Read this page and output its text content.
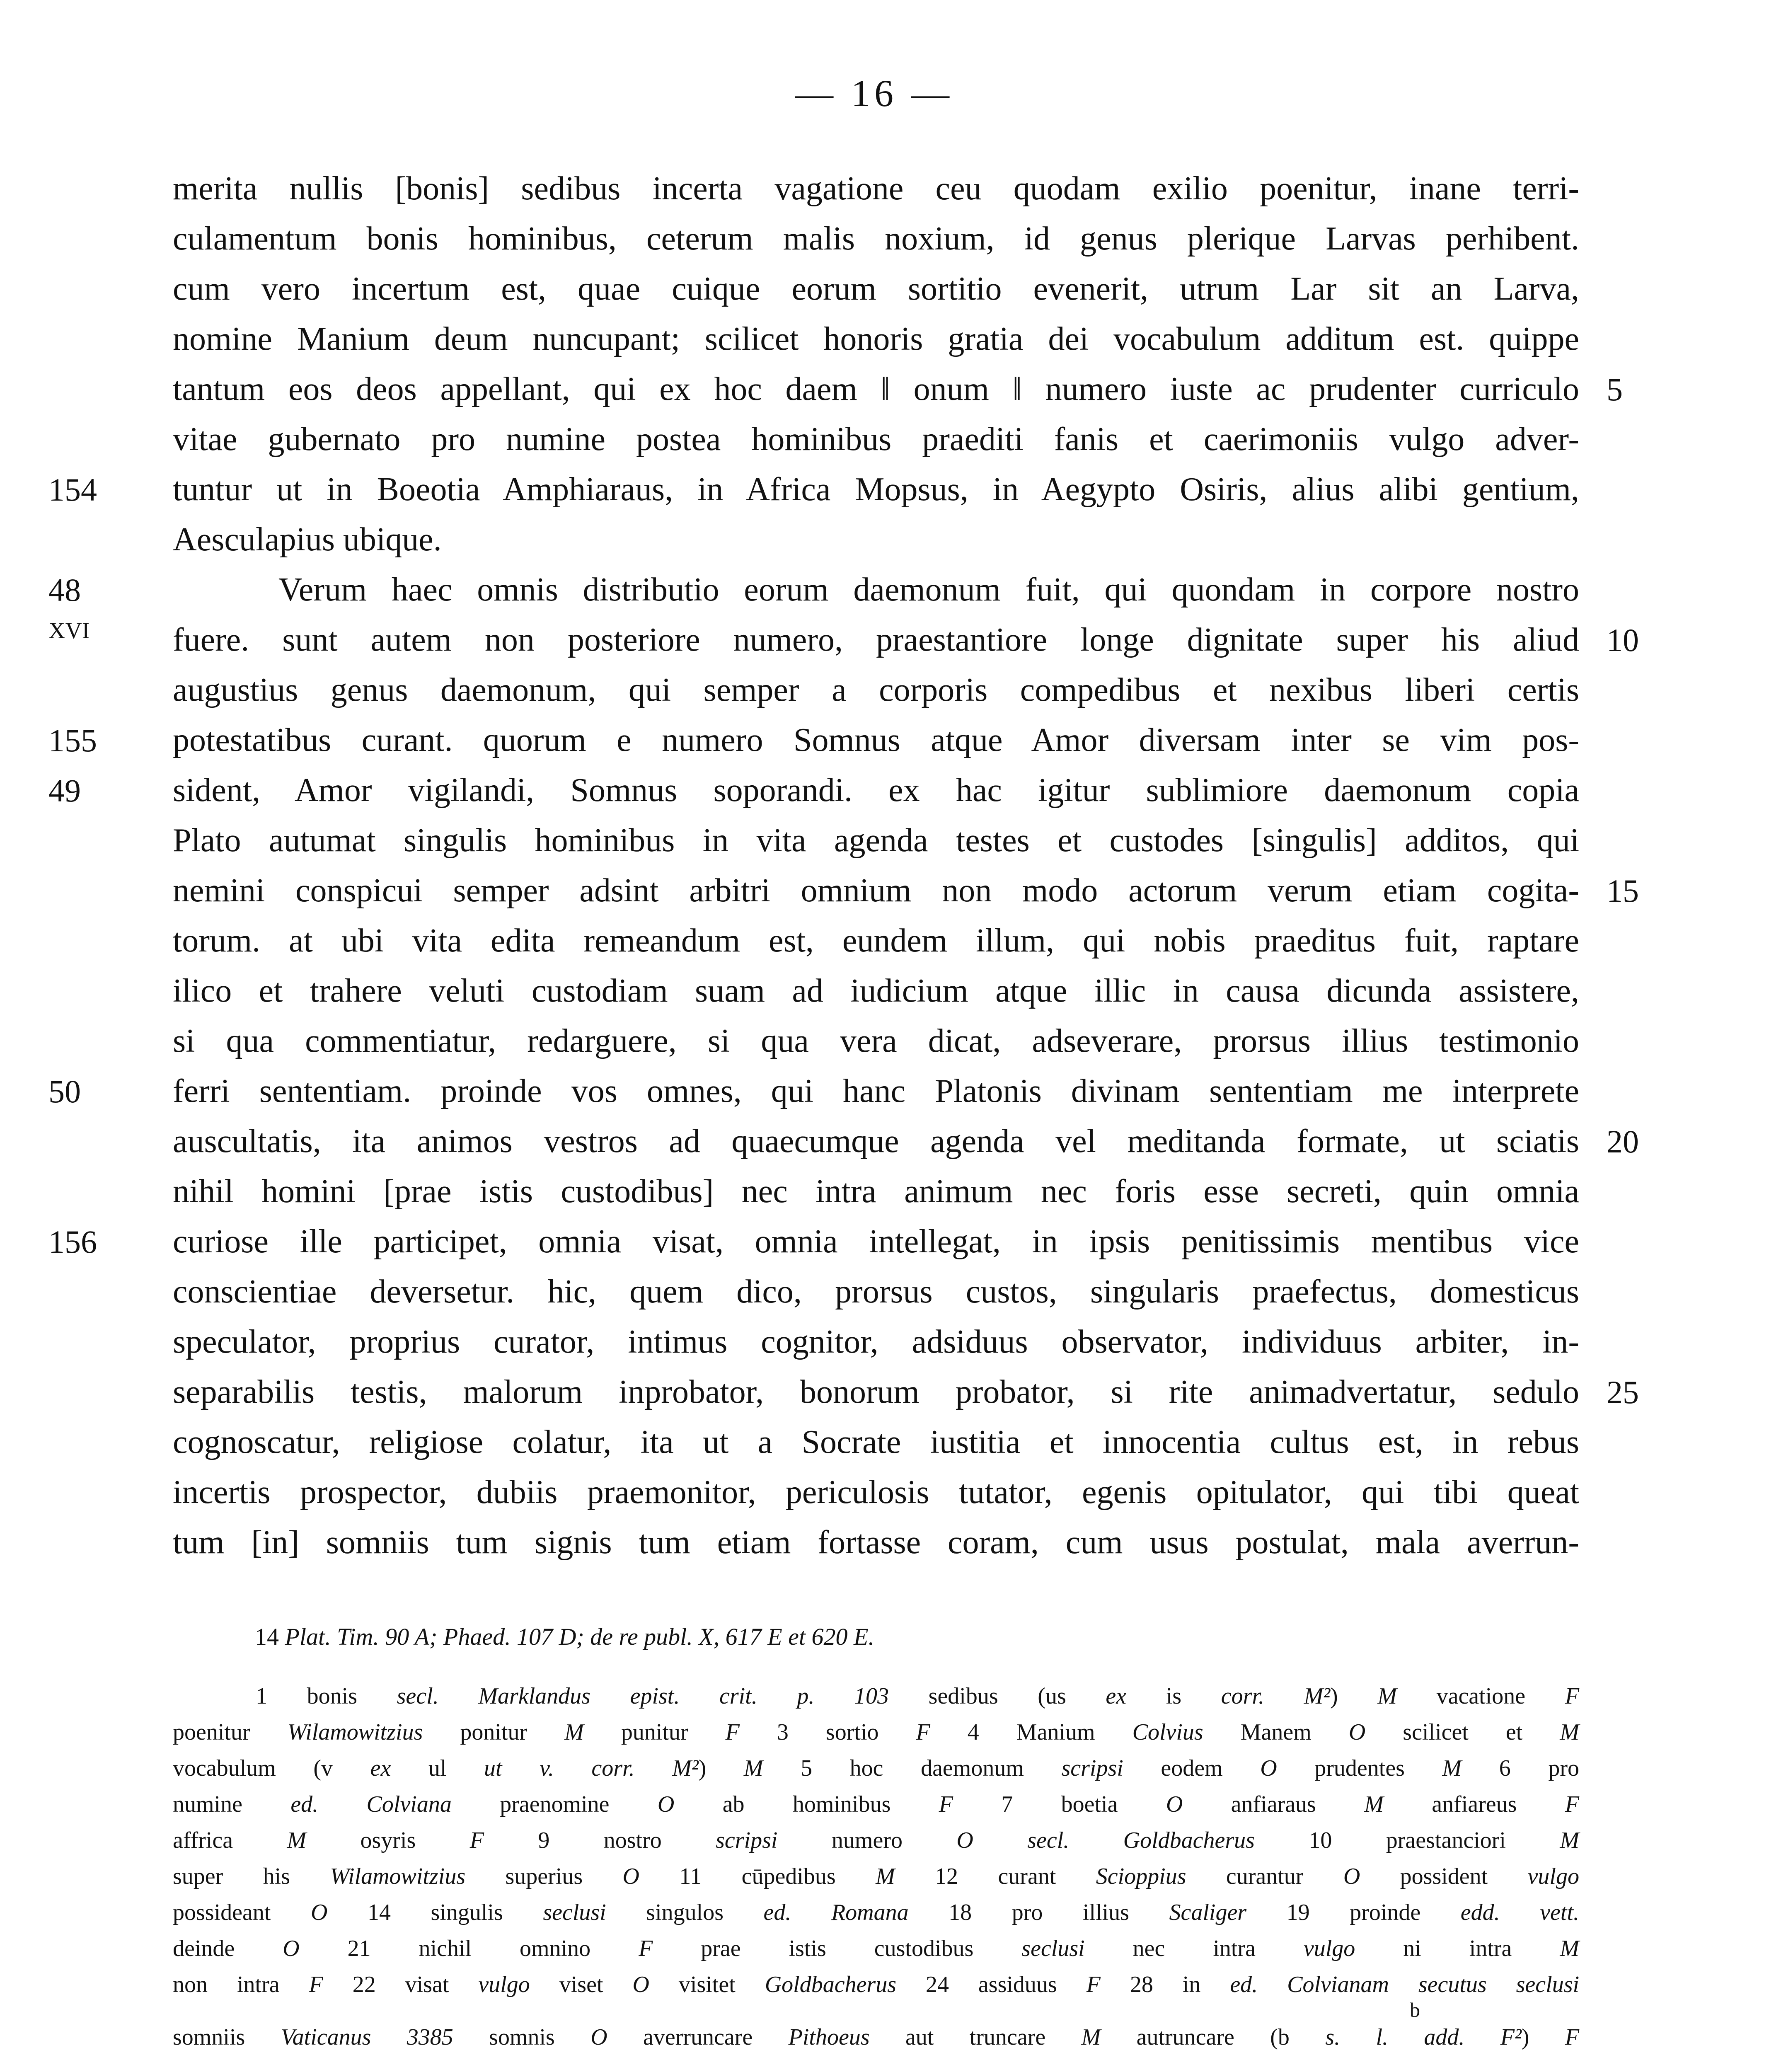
— 16 —
merita nullis [bonis] sedibus incerta vagatione ceu quodam exilio poenitur, inane terri-
culamentum bonis hominibus, ceterum malis noxium, id genus plerique Larvas perhibent.
cum vero incertum est, quae cuique eorum sortitio evenerit, utrum Lar sit an Larva,
nomine Manium deum nuncupant; scilicet honoris gratia dei vocabulum additum est. quippe
tantum eos deos appellant, qui ex hoc daem ‖ onum ‖ numero iuste ac prudenter curriculo 5
vitae gubernato pro numine postea hominibus praediti fanis et caerimoniis vulgo adver-
154	tuntur ut in Boeotia Amphiaraus, in Africa Mopsus, in Aegypto Osiris, alius alibi gentium,
Aesculapius ubique.
48	Verum haec omnis distributio eorum daemonum fuit, qui quondam in corpore nostro
XVI	fuere. sunt autem non posteriore numero, praestantiore longe dignitate super his aliud 10
augustius genus daemonum, qui semper a corporis compedibus et nexibus liberi certis
155	potestatibus curant. quorum e numero Somnus atque Amor diversam inter se vim pos-
49	sident, Amor vigilandi, Somnus soporandi. ex hac igitur sublimiore daemonum copia
Plato autumat singulis hominibus in vita agenda testes et custodes [singulis] additos, qui
nemini conspicui semper adsint arbitri omnium non modo actorum verum etiam cogita- 15
torum. at ubi vita edita remeandum est, eundem illum, qui nobis praeditus fuit, raptare
ilico et trahere veluti custodiam suam ad iudicium atque illic in causa dicunda assistere,
si qua commentiatur, redarguere, si qua vera dicat, adseverare, prorsus illius testimonio
50	ferri sententiam. proinde vos omnes, qui hanc Platonis divinam sententiam me interprete
auscultatis, ita animos vestros ad quaecumque agenda vel meditanda formate, ut sciatis 20
nihil homini [prae istis custodibus] nec intra animum nec foris esse secreti, quin omnia
156	curiose ille participet, omnia visat, omnia intellegat, in ipsis penitissimis mentibus vice
conscientiae deversetur. hic, quem dico, prorsus custos, singularis praefectus, domesticus
speculator, proprius curator, intimus cognitor, adsiduus observator, individuus arbiter, in-
separabilis testis, malorum inprobator, bonorum probator, si rite animadvertatur, sedulo 25
cognoscatur, religiose colatur, ita ut a Socrate iustitia et innocentia cultus est, in rebus
incertis prospector, dubiis praemonitor, periculosis tutator, egenis opitulator, qui tibi queat
tum [in] somniis tum signis tum etiam fortasse coram, cum usus postulat, mala averrun-
14 Plat. Tim. 90 A; Phaed. 107 D; de re publ. X, 617 E et 620 E.
1 bonis secl. Marklandus epist. crit. p. 103 sedibus (us ex is corr. M²) M vacatione F
poenitur Wilamowitzius ponitur M punitur F 3 sortio F 4 Manium Colvius Manem O scilicet et M
vocabulum (v ex ul ut v. corr. M²) M 5 hoc daemonum scripsi eodem O prudentes M 6 pro
numine ed. Colviana praenomine O ab hominibus F 7 boetia O anfiaraus M anfiareus F
affrica M osyris F 9 nostro scripsi numero O secl. Goldbacherus 10 praestanciori M
super his Wilamowitzius superius O 11 cūpedibus M 12 curant Scioppius curantur O possident vulgo
possideant O 14 singulis seclusi singulos ed. Romana 18 pro illius Scaliger 19 proinde edd. vett.
deinde O 21 nichil omnino F prae istis custodibus seclusi nec intra vulgo ni intra M
non intra F 22 visat vulgo viset O visitet Goldbacherus 24 assiduus F 28 in ed. Colvianam secutus seclusi
somniis Vaticanus 3385 somnis O averruncare Pithoeus aut truncare M autruncare (b s. l. add. F²) F
b
